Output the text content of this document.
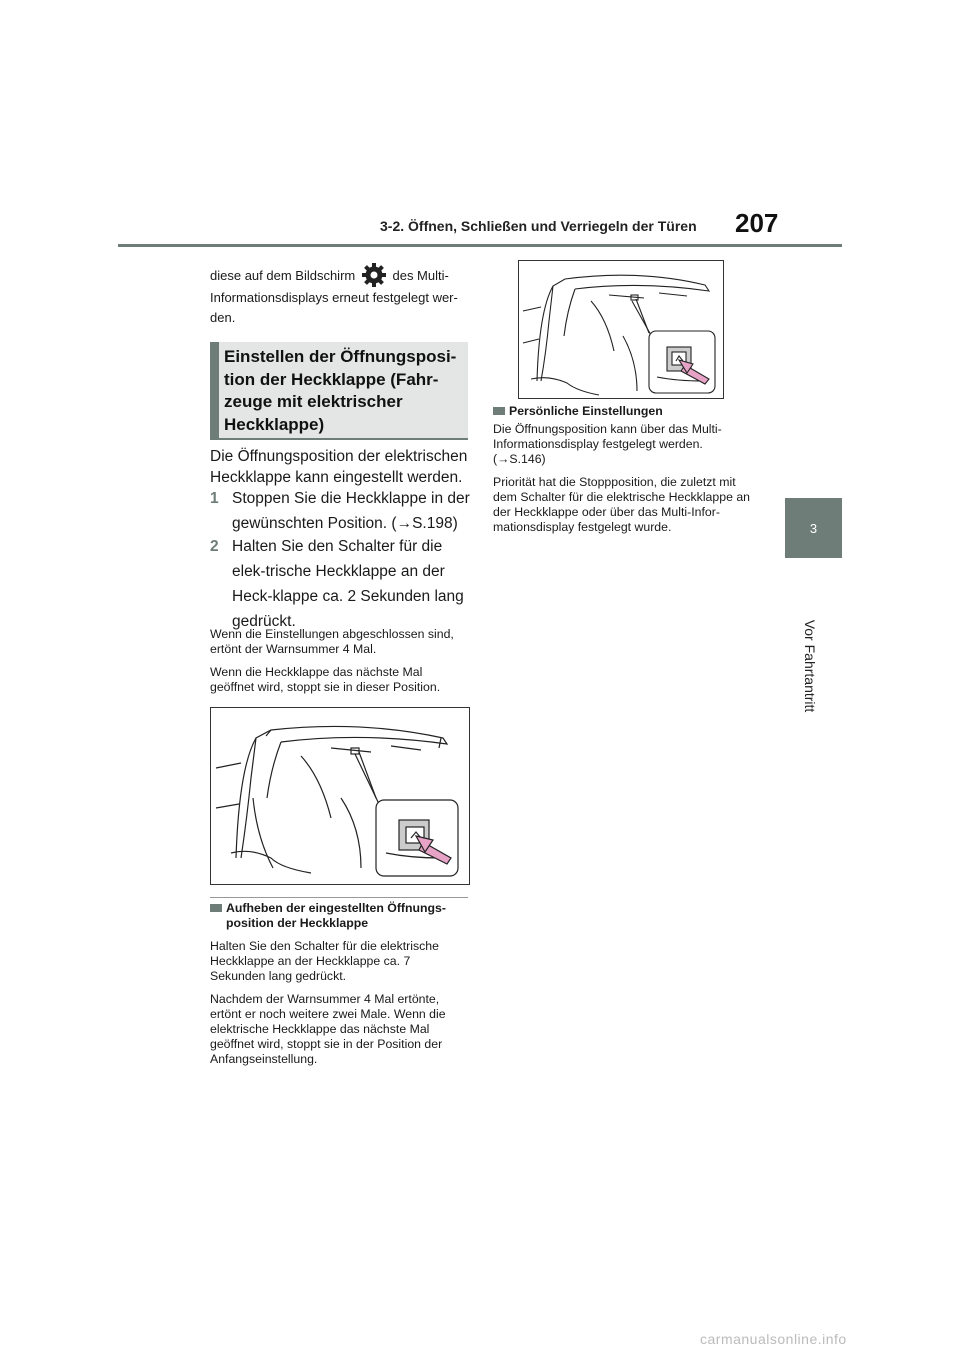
3-2. Öffnen, Schließen und Verriegeln der Türen 207
3
Vor Fahrtantritt
diese auf dem Bildschirm	des Multi-Informationsdisplays erneut festgelegt wer-den.
Einstellen der Öffnungsposi-tion der Heckklappe (Fahr-zeuge mit elektrischer Heckklappe)
Die Öffnungsposition der elektrischen Heckklappe kann eingestellt werden.
1 Stoppen Sie die Heckklappe in der gewünschten Position. (→S.198)
2 Halten Sie den Schalter für die elek-trische Heckklappe an der Heck-klappe ca. 2 Sekunden lang gedrückt.
Wenn die Einstellungen abgeschlossen sind, ertönt der Warnsummer 4 Mal.
Wenn die Heckklappe das nächste Mal geöffnet wird, stoppt sie in dieser Position.
Aufheben der eingestellten Öffnungs-position der Heckklappe
Halten Sie den Schalter für die elektrische Heckklappe an der Heckklappe ca. 7 Sekunden lang gedrückt.
Nachdem der Warnsummer 4 Mal ertönte, ertönt er noch weitere zwei Male. Wenn die elektrische Heckklappe das nächste Mal geöffnet wird, stoppt sie in der Position der Anfangseinstellung.
Persönliche Einstellungen
Die Öffnungsposition kann über das Multi-Informationsdisplay festgelegt werden. (→S.146)
Priorität hat die Stoppposition, die zuletzt mit dem Schalter für die elektrische Heckklappe an der Heckklappe oder über das Multi-Infor-mationsdisplay festgelegt wurde.
carmanualsonline.info
